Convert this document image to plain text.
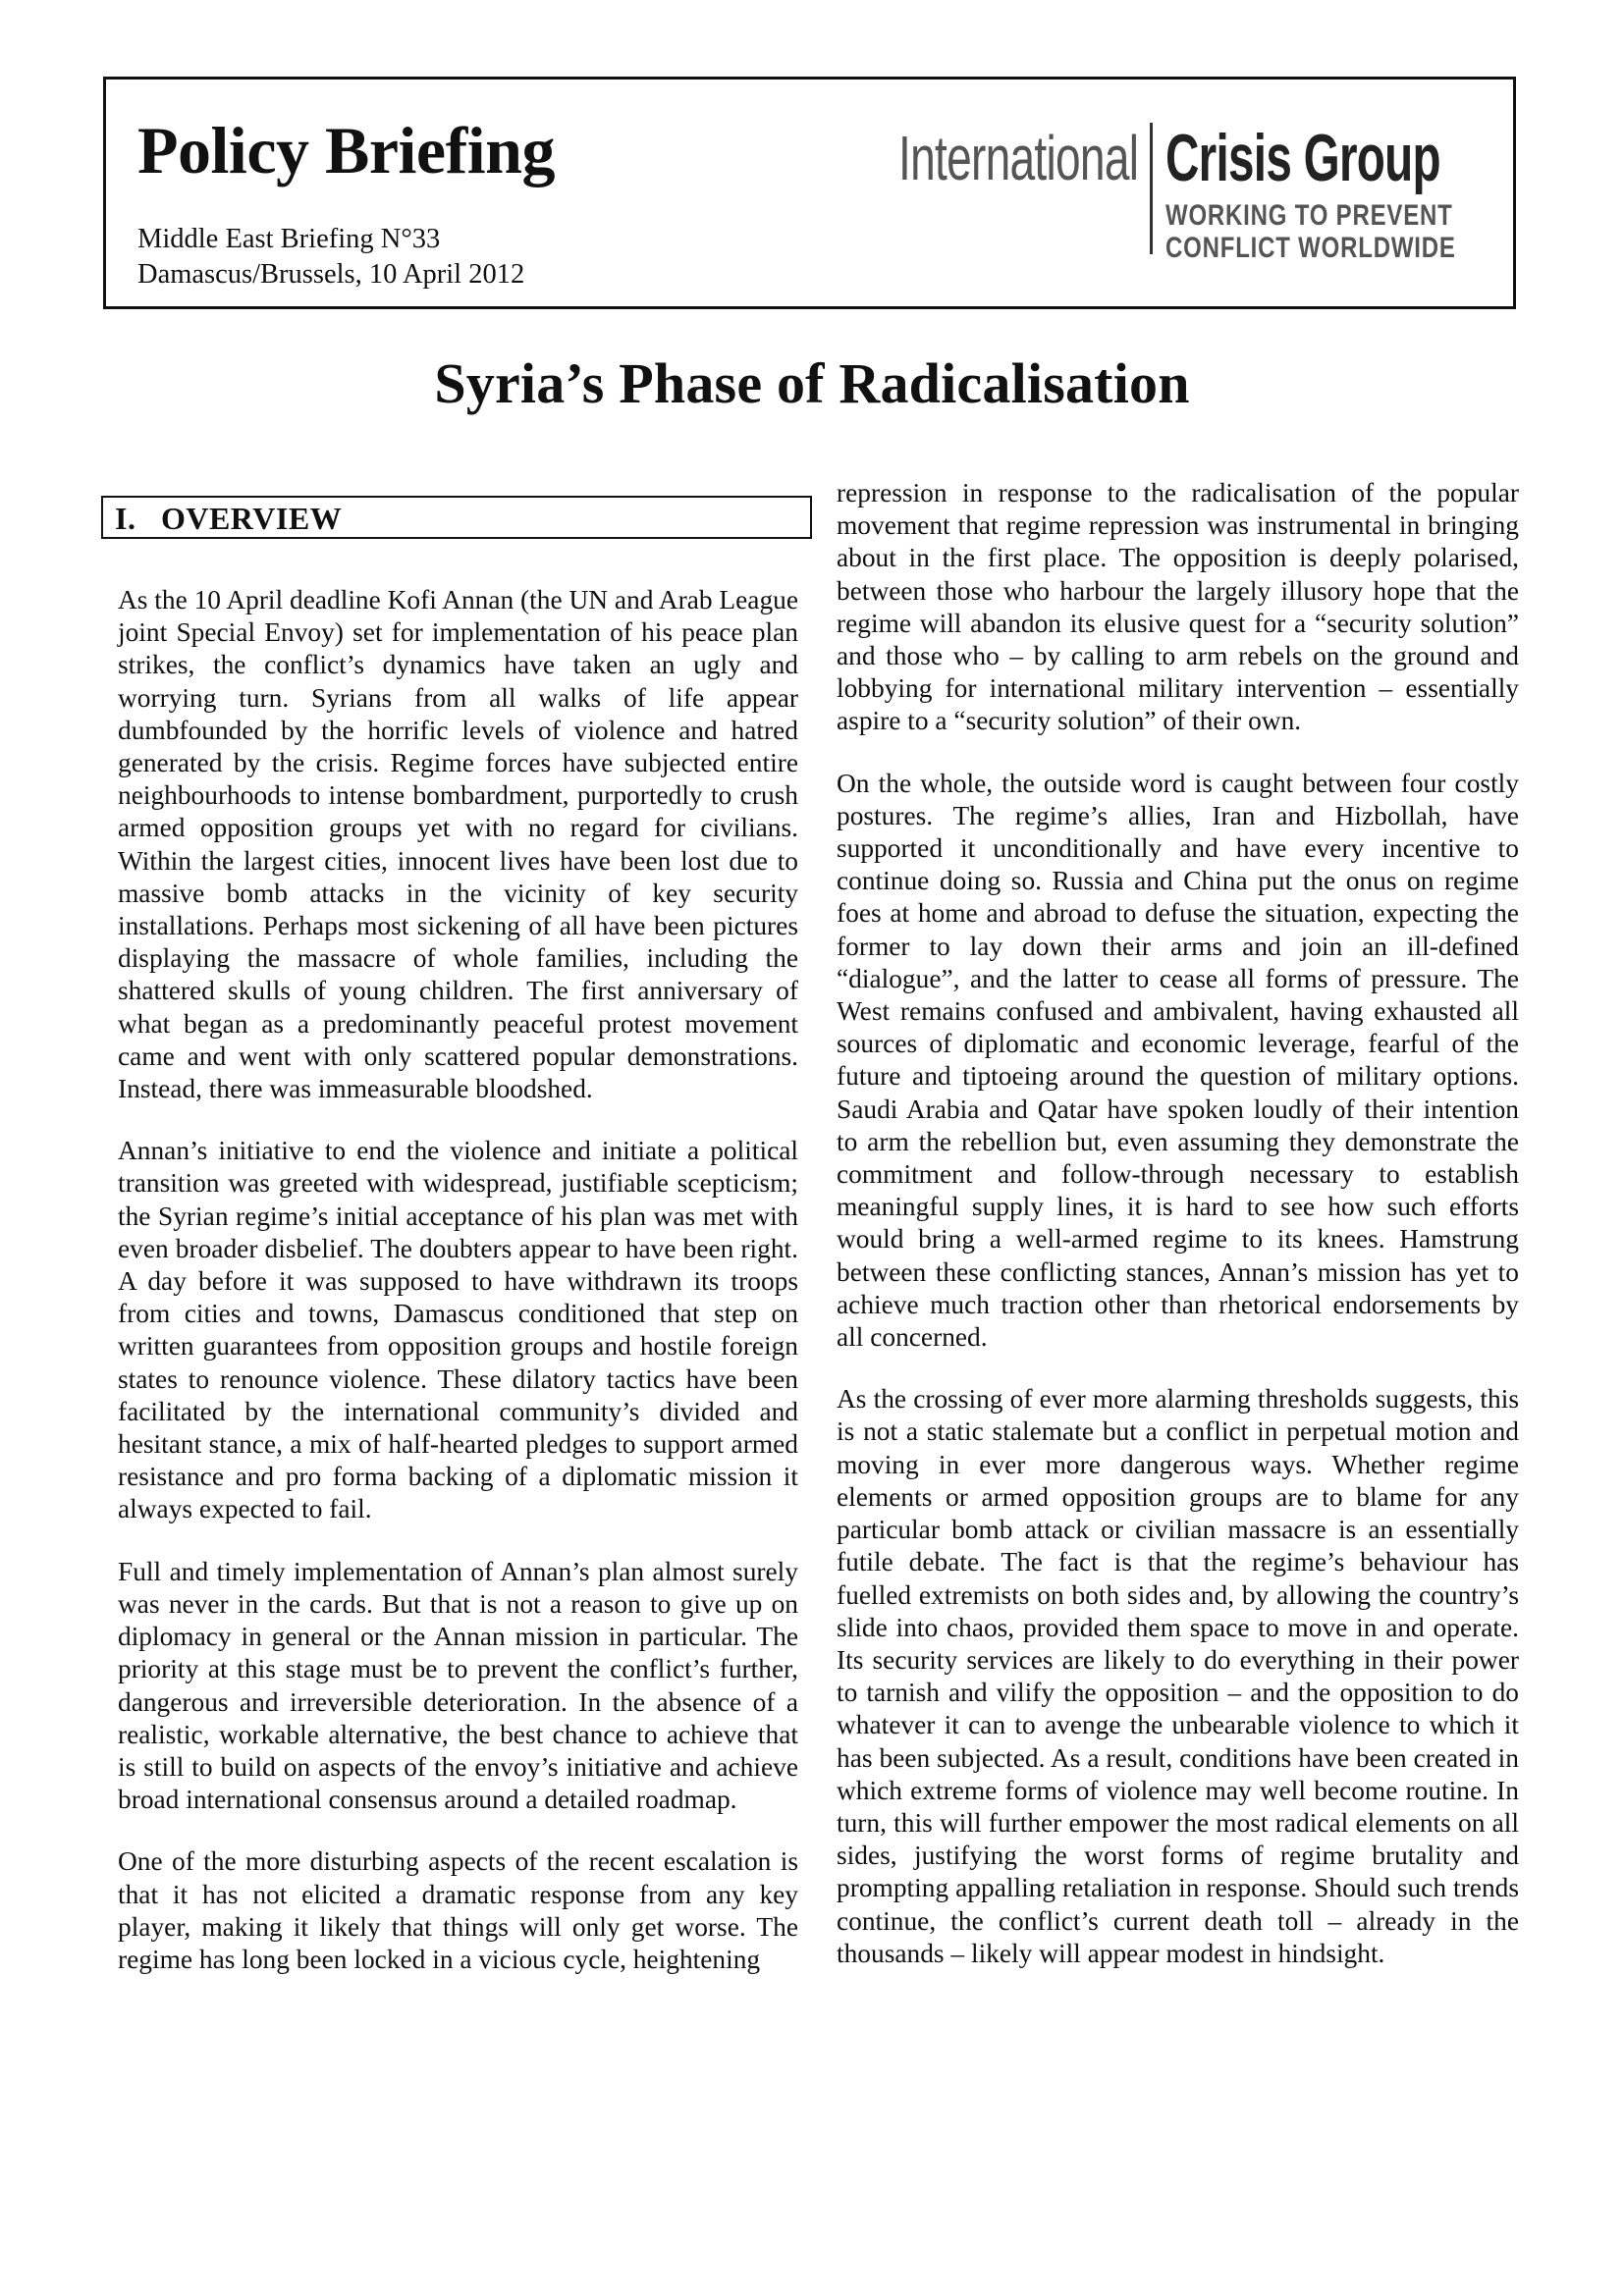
Policy Briefing
Middle East Briefing N°33
Damascus/Brussels, 10 April 2012
International Crisis Group
WORKING TO PREVENT
CONFLICT WORLDWIDE
Syria’s Phase of Radicalisation
I.   OVERVIEW

As the 10 April deadline Kofi Annan (the UN and Arab League joint Special Envoy) set for implementation of his peace plan strikes, the conflict’s dynamics have taken an ugly and worrying turn. Syrians from all walks of life appear dumbfounded by the horrific levels of violence and hatred generated by the crisis. Regime forces have subjected entire neighbourhoods to intense bombardment, purportedly to crush armed opposition groups yet with no regard for civilians. Within the largest cities, innocent lives have been lost due to massive bomb attacks in the vicinity of key security installations. Perhaps most sickening of all have been pictures displaying the massacre of whole families, including the shattered skulls of young children. The first anniversary of what began as a predominantly peaceful protest movement came and went with only scattered popular demonstrations. Instead, there was immeasurable bloodshed.

Annan’s initiative to end the violence and initiate a political transition was greeted with widespread, justifiable scepticism; the Syrian regime’s initial acceptance of his plan was met with even broader disbelief. The doubters appear to have been right. A day before it was supposed to have withdrawn its troops from cities and towns, Damascus conditioned that step on written guarantees from opposition groups and hostile foreign states to renounce violence. These dilatory tactics have been facilitated by the international community’s divided and hesitant stance, a mix of half-hearted pledges to support armed resistance and pro forma backing of a diplomatic mission it always expected to fail.

Full and timely implementation of Annan’s plan almost surely was never in the cards. But that is not a reason to give up on diplomacy in general or the Annan mission in particular. The priority at this stage must be to prevent the conflict’s further, dangerous and irreversible deterioration. In the absence of a realistic, workable alternative, the best chance to achieve that is still to build on aspects of the envoy’s initiative and achieve broad international consensus around a detailed roadmap.

One of the more disturbing aspects of the recent escalation is that it has not elicited a dramatic response from any key player, making it likely that things will only get worse. The regime has long been locked in a vicious cycle, heightening

repression in response to the radicalisation of the popular movement that regime repression was instrumental in bringing about in the first place. The opposition is deeply polarised, between those who harbour the largely illusory hope that the regime will abandon its elusive quest for a “security solution” and those who – by calling to arm rebels on the ground and lobbying for international military intervention – essentially aspire to a “security solution” of their own.

On the whole, the outside word is caught between four costly postures. The regime’s allies, Iran and Hizbollah, have supported it unconditionally and have every incentive to continue doing so. Russia and China put the onus on regime foes at home and abroad to defuse the situation, expecting the former to lay down their arms and join an ill-defined “dialogue”, and the latter to cease all forms of pressure. The West remains confused and ambivalent, having exhausted all sources of diplomatic and economic leverage, fearful of the future and tiptoeing around the question of military options. Saudi Arabia and Qatar have spoken loudly of their intention to arm the rebellion but, even assuming they demonstrate the commitment and follow-through necessary to establish meaningful supply lines, it is hard to see how such efforts would bring a well-armed regime to its knees. Hamstrung between these conflicting stances, Annan’s mission has yet to achieve much traction other than rhetorical endorsements by all concerned.

As the crossing of ever more alarming thresholds suggests, this is not a static stalemate but a conflict in perpetual motion and moving in ever more dangerous ways. Whether regime elements or armed opposition groups are to blame for any particular bomb attack or civilian massacre is an essentially futile debate. The fact is that the regime’s behaviour has fuelled extremists on both sides and, by allowing the country’s slide into chaos, provided them space to move in and operate. Its security services are likely to do everything in their power to tarnish and vilify the opposition – and the opposition to do whatever it can to avenge the unbearable violence to which it has been subjected. As a result, conditions have been created in which extreme forms of violence may well become routine. In turn, this will further empower the most radical elements on all sides, justifying the worst forms of regime brutality and prompting appalling retaliation in response. Should such trends continue, the conflict’s current death toll – already in the thousands – likely will appear modest in hindsight.
